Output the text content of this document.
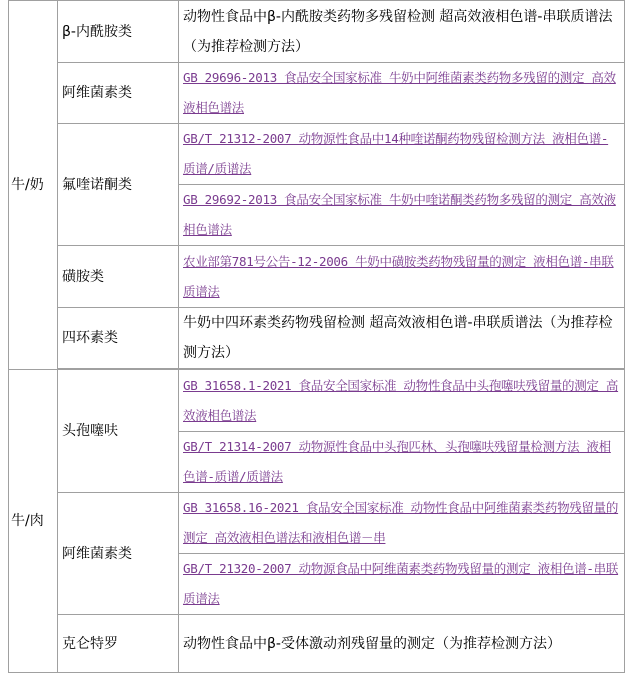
牛/奶	β-内酰胺类	动物性食品中β-内酰胺类药物多残留检测 超高效液相色谱-串联质谱法（为推荐检测方法）
	阿维菌素类	GB 29696-2013 食品安全国家标准 牛奶中阿维菌素类药物多残留的测定 高效液相色谱法

	氟喹诺酮类	GB/T 21312-2007 动物源性食品中14种喹诺酮药物残留检测方法 液相色谱-质谱/质谱法

		GB 29692-2013 食品安全国家标准 牛奶中喹诺酮类药物多残留的测定 高效液相色谱法

	磺胺类	农业部第781号公告-12-2006 牛奶中磺胺类药物残留量的测定 液相色谱-串联质谱法

	四环素类	牛奶中四环素类药物残留检测 超高效液相色谱-串联质谱法（为推荐检测方法）

牛/肉	头孢噻呋	GB 31658.1-2021 食品安全国家标准 动物性食品中头孢噻呋残留量的测定 高效液相色谱法

		GB/T 21314-2007 动物源性食品中头孢匹林、头孢噻呋残留量检测方法 液相色谱-质谱/质谱法

	阿维菌素类	GB 31658.16-2021 食品安全国家标准 动物性食品中阿维菌素类药物残留量的测定 高效液相色谱法和液相色谱－串

		GB/T 21320-2007 动物源食品中阿维菌素类药物残留量的测定 液相色谱-串联质谱法

	克仑特罗	动物性食品中β-受体激动剂残留量的测定（为推荐检测方法）
